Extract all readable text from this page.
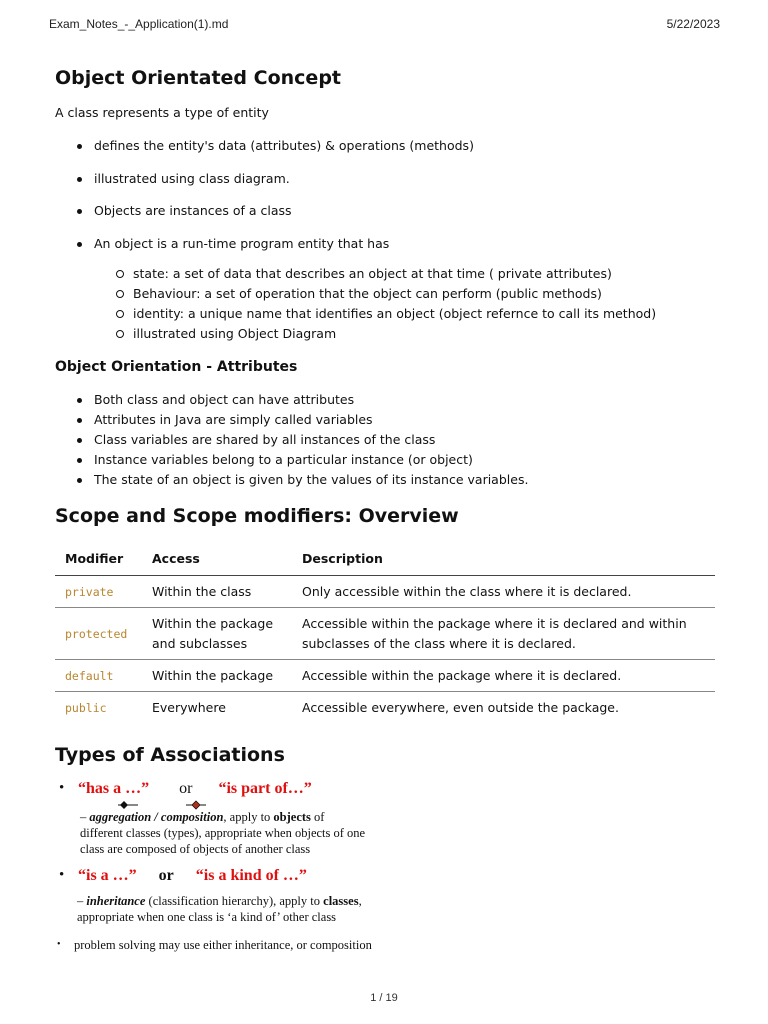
Exam_Notes_-_Application(1).md	5/22/2023
Object Orientated Concept

A class represents a type of entity

defines the entity's data (attributes) & operations (methods)
illustrated using class diagram.
Objects are instances of a class
An object is a run-time program entity that has
state: a set of data that describes an object at that time ( private attributes)
Behaviour: a set of operation that the object can perform (public methods)
identity: a unique name that identifies an object (object refernce to call its method)
illustrated using Object Diagram
Object Orientation - Attributes
Both class and object can have attributes
Attributes in Java are simply called variables
Class variables are shared by all instances of the class
Instance variables belong to a particular instance (or object)
The state of an object is given by the values of its instance variables.
Scope and Scope modifiers: Overview
Modifier	Access	Description
private	Within the class	Only accessible within the class where it is declared.
protected	Within the package and subclasses	Accessible within the package where it is declared and within subclasses of the class where it is declared.
default	Within the package	Accessible within the package where it is declared.
public	Everywhere	Accessible everywhere, even outside the package.
Types of Associations
• “has a …” or “is part of…”
– aggregation / composition, apply to objects of
different classes (types), appropriate when objects of one
class are composed of objects of another class
• “is a …” or “is a kind of …”
– inheritance (classification hierarchy), apply to classes,
appropriate when one class is ‘a kind of’ other class
• problem solving may use either inheritance, or composition
1 / 19
